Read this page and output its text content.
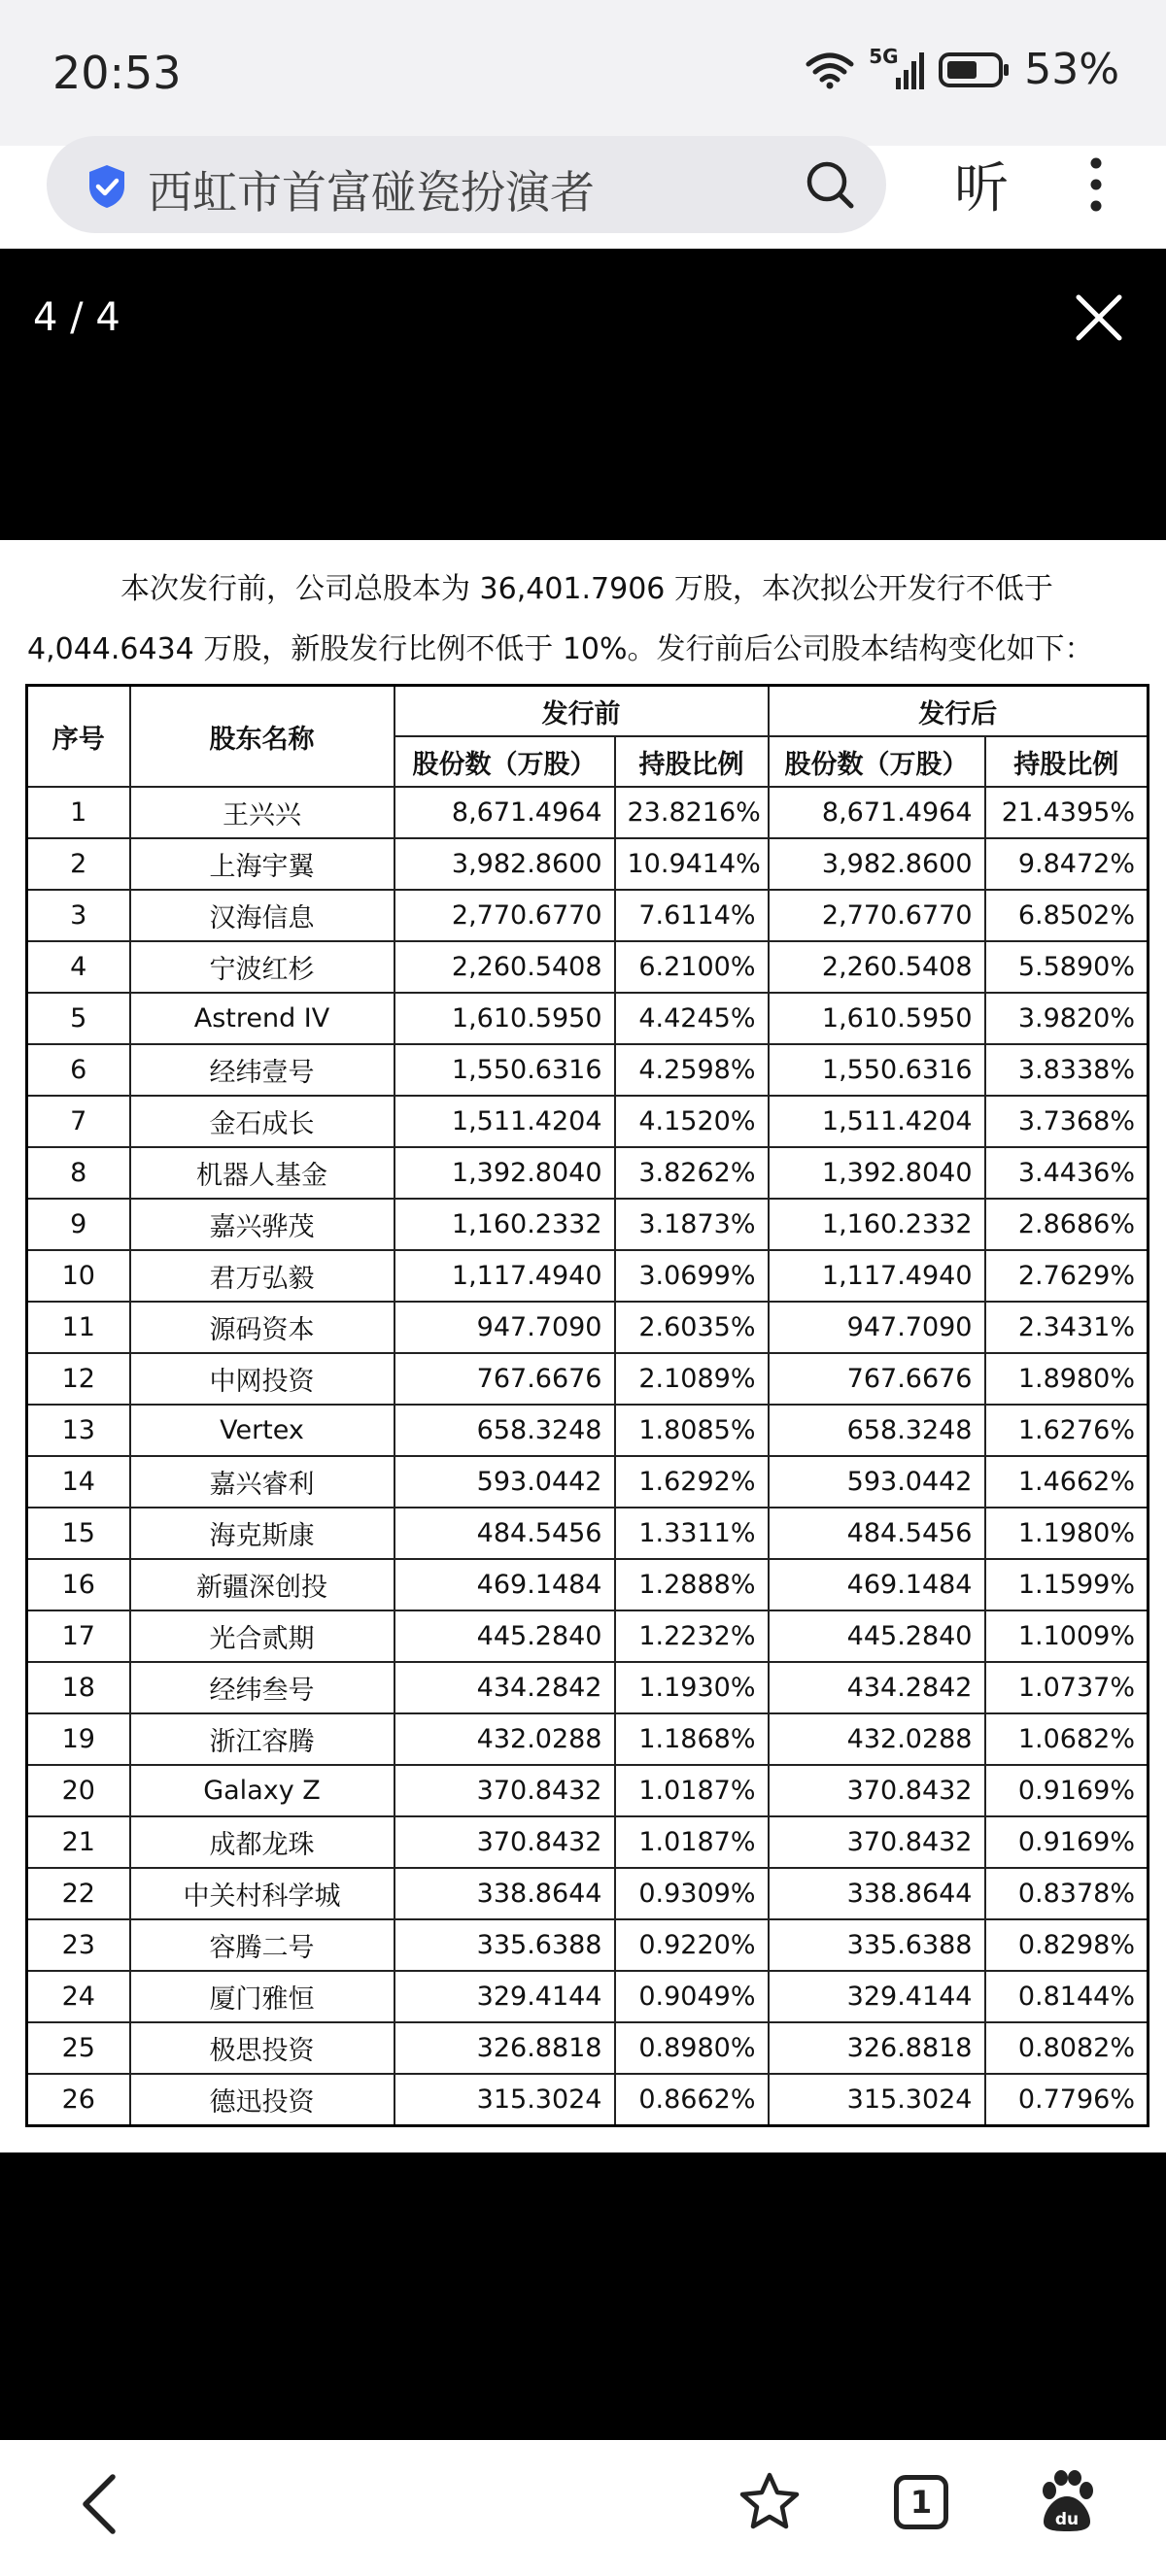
20:53	5G	53%
西虹市首富碰瓷扮演者	听
4 / 4
本次发行前，公司总股本为 36,401.7906 万股，本次拟公开发行不低于
4,044.6434 万股，新股发行比例不低于 10%。发行前后公司股本结构变化如下：
序号	股东名称	发行前		发行后	
		股份数（万股）	持股比例	股份数（万股）	持股比例
1	王兴兴	8,671.4964	23.8216%	8,671.4964	21.4395%
2	上海宇翼	3,982.8600	10.9414%	3,982.8600	9.8472%
3	汉海信息	2,770.6770	7.6114%	2,770.6770	6.8502%
4	宁波红杉	2,260.5408	6.2100%	2,260.5408	5.5890%
5	Astrend IV	1,610.5950	4.4245%	1,610.5950	3.9820%
6	经纬壹号	1,550.6316	4.2598%	1,550.6316	3.8338%
7	金石成长	1,511.4204	4.1520%	1,511.4204	3.7368%
8	机器人基金	1,392.8040	3.8262%	1,392.8040	3.4436%
9	嘉兴骅茂	1,160.2332	3.1873%	1,160.2332	2.8686%
10	君万弘毅	1,117.4940	3.0699%	1,117.4940	2.7629%
11	源码资本	947.7090	2.6035%	947.7090	2.3431%
12	中网投资	767.6676	2.1089%	767.6676	1.8980%
13	Vertex	658.3248	1.8085%	658.3248	1.6276%
14	嘉兴睿利	593.0442	1.6292%	593.0442	1.4662%
15	海克斯康	484.5456	1.3311%	484.5456	1.1980%
16	新疆深创投	469.1484	1.2888%	469.1484	1.1599%
17	光合贰期	445.2840	1.2232%	445.2840	1.1009%
18	经纬叁号	434.2842	1.1930%	434.2842	1.0737%
19	浙江容腾	432.0288	1.1868%	432.0288	1.0682%
20	Galaxy Z	370.8432	1.0187%	370.8432	0.9169%
21	成都龙珠	370.8432	1.0187%	370.8432	0.9169%
22	中关村科学城	338.8644	0.9309%	338.8644	0.8378%
23	容腾二号	335.6388	0.9220%	335.6388	0.8298%
24	厦门雅恒	329.4144	0.9049%	329.4144	0.8144%
25	极思投资	326.8818	0.8980%	326.8818	0.8082%
26	德迅投资	315.3024	0.8662%	315.3024	0.7796%
1	du
